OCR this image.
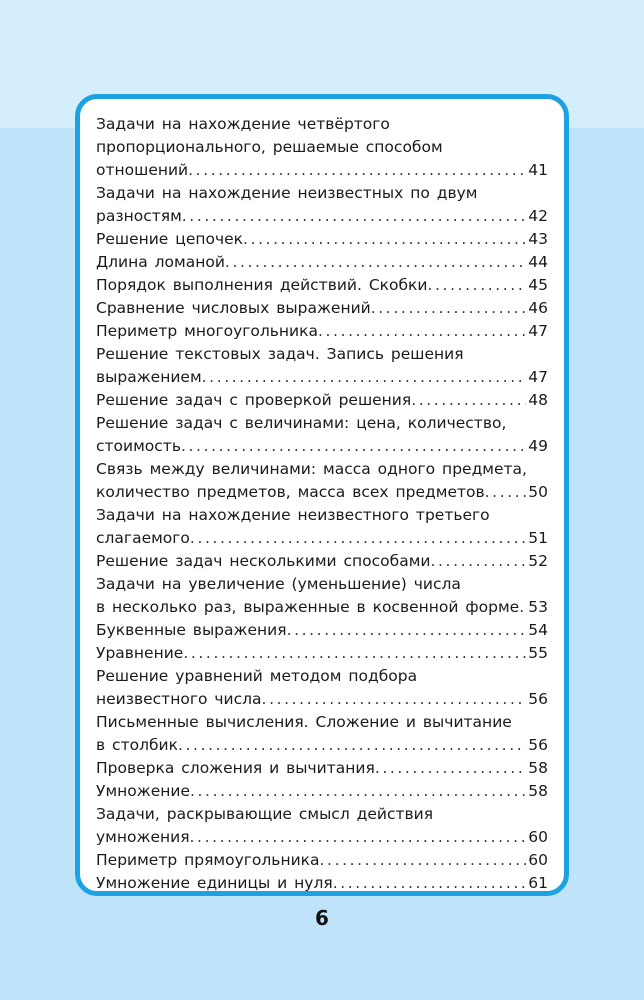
Задачи на нахождение четвёртого
пропорционального, решаемые способом
отношений .....	41
Задачи на нахождение неизвестных по двум
разностям .....	42
Решение цепочек .....	43
Длина ломаной .....	44
Порядок выполнения действий. Скобки .....	45
Сравнение числовых выражений .....	46
Периметр многоугольника .....	47
Решение текстовых задач. Запись решения
выражением .....	47
Решение задач с проверкой решения .....	48
Решение задач с величинами: цена, количество,
стоимость .....	49
Связь между величинами: масса одного предмета,
количество предметов, масса всех предметов .....	50
Задачи на нахождение неизвестного третьего
слагаемого .....	51
Решение задач несколькими способами .....	52
Задачи на увеличение (уменьшение) числа
в несколько раз, выраженные в косвенной форме ..... 53
Буквенные выражения .....	54
Уравнение .....	55
Решение уравнений методом подбора
неизвестного числа .....	56
Письменные вычисления. Сложение и вычитание
в столбик .....	56
Проверка сложения и вычитания .....	58
Умножение .....	58
Задачи, раскрывающие смысл действия
умножения .....	60
Периметр прямоугольника .....	60
Умножение единицы и нуля .....	61
6
